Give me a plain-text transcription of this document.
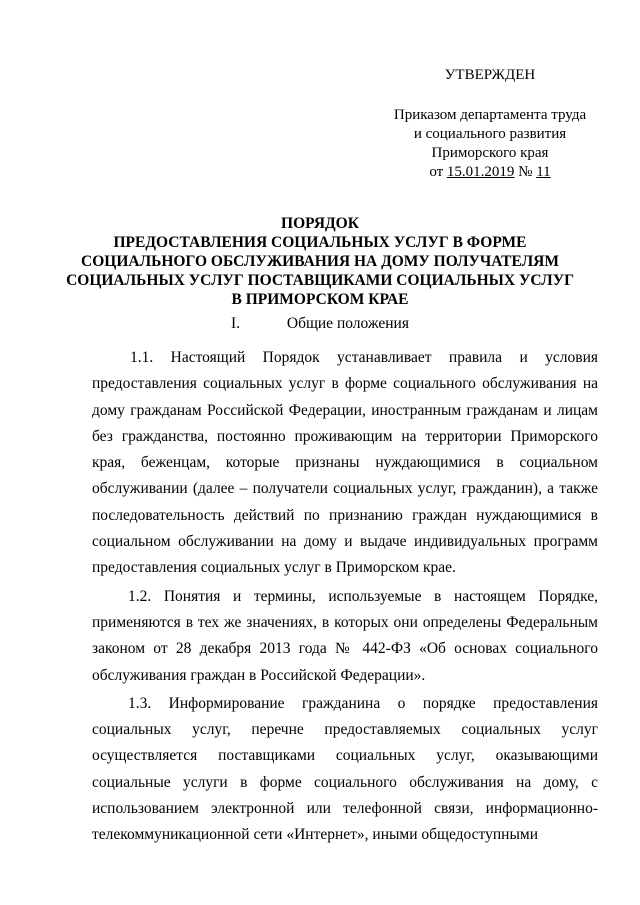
УТВЕРЖДЕН
Приказом департамента труда
и социального развития
Приморского края
от 15.01.2019 № 11
ПОРЯДОК
ПРЕДОСТАВЛЕНИЯ СОЦИАЛЬНЫХ УСЛУГ В ФОРМЕ
СОЦИАЛЬНОГО ОБСЛУЖИВАНИЯ НА ДОМУ ПОЛУЧАТЕЛЯМ
СОЦИАЛЬНЫХ УСЛУГ ПОСТАВЩИКАМИ СОЦИАЛЬНЫХ УСЛУГ
В ПРИМОРСКОМ КРАЕ
I.	Общие положения

1.1. Настоящий Порядок устанавливает правила и условия предоставления социальных услуг в форме социального обслуживания на дому гражданам Российской Федерации, иностранным гражданам и лицам без гражданства, постоянно проживающим на территории Приморского края, беженцам, которые признаны нуждающимися в социальном обслуживании (далее – получатели социальных услуг, гражданин), а также последовательность действий по признанию граждан нуждающимися в социальном обслуживании на дому и выдаче индивидуальных программ предоставления социальных услуг в Приморском крае.

1.2. Понятия и термины, используемые в настоящем Порядке, применяются в тех же значениях, в которых они определены Федеральным законом от 28 декабря 2013 года № 442-ФЗ «Об основах социального обслуживания граждан в Российской Федерации».

1.3. Информирование гражданина о порядке предоставления социальных услуг, перечне предоставляемых социальных услуг осуществляется поставщиками социальных услуг, оказывающими социальные услуги в форме социального обслуживания на дому, с использованием электронной или телефонной связи, информационно-телекоммуникационной сети «Интернет», иными общедоступными
